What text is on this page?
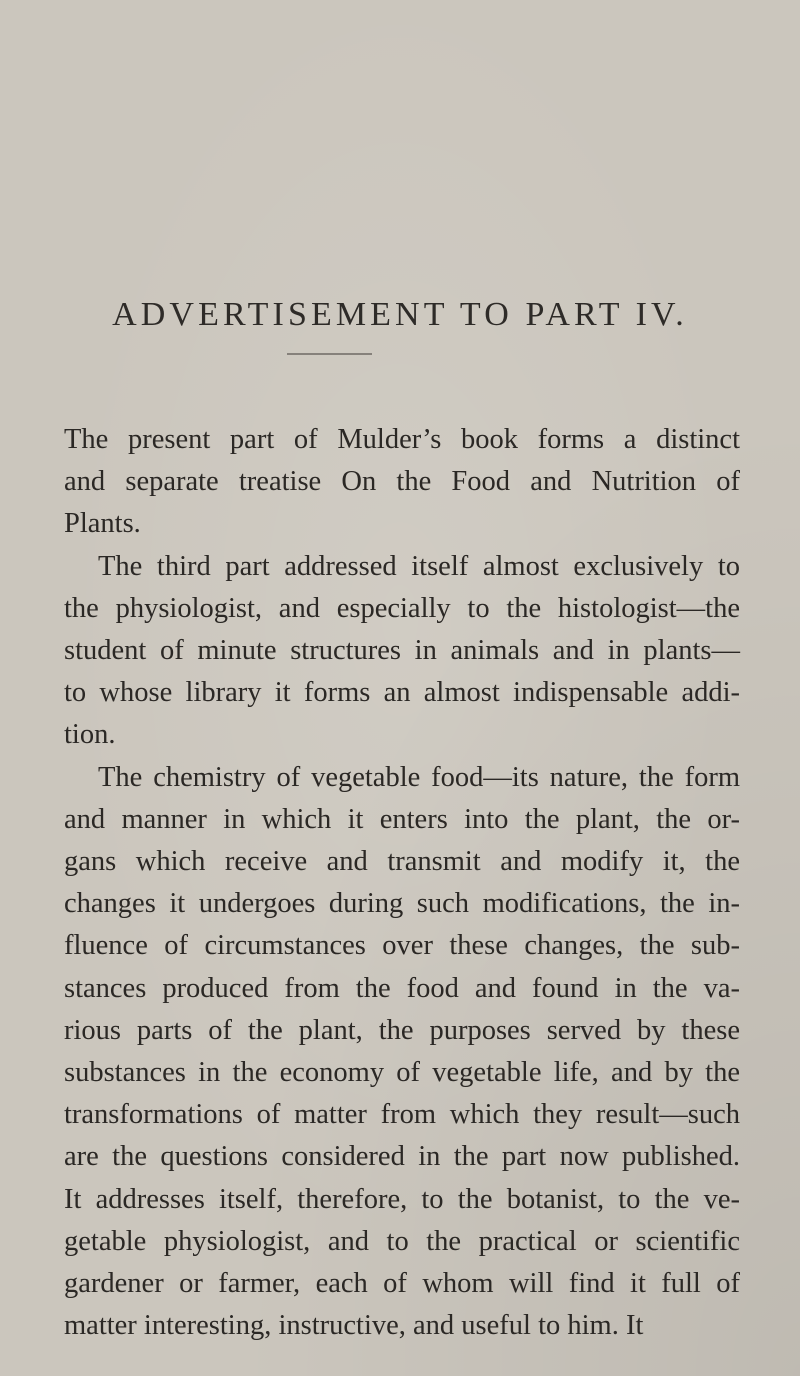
ADVERTISEMENT TO PART IV.
The present part of Mulder’s book forms a distinct
and separate treatise On the Food and Nutrition of
Plants.
The third part addressed itself almost exclusively to
the physiologist, and especially to the histologist—the
student of minute structures in animals and in plants—
to whose library it forms an almost indispensable addi-
tion.
The chemistry of vegetable food—its nature, the form
and manner in which it enters into the plant, the or-
gans which receive and transmit and modify it, the
changes it undergoes during such modifications, the in-
fluence of circumstances over these changes, the sub-
stances produced from the food and found in the va-
rious parts of the plant, the purposes served by these
substances in the economy of vegetable life, and by the
transformations of matter from which they result—such
are the questions considered in the part now published.
It addresses itself, therefore, to the botanist, to the ve-
getable physiologist, and to the practical or scientific
gardener or farmer, each of whom will find it full of
matter interesting, instructive, and useful to him. It
